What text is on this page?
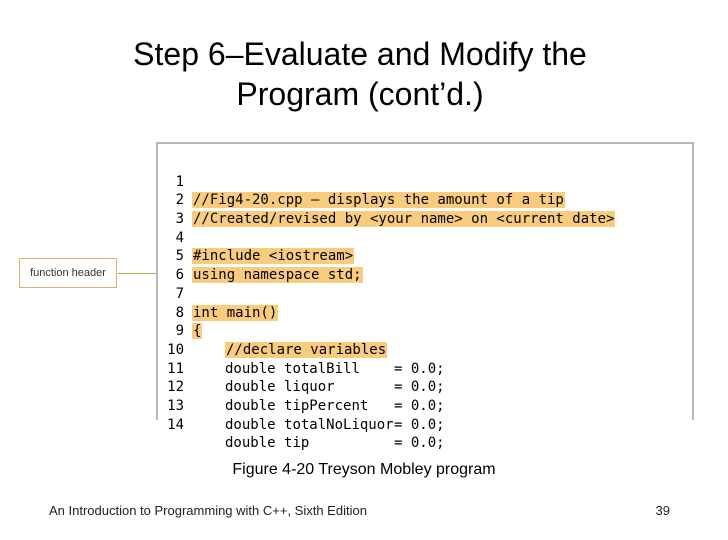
Step 6–Evaluate and Modify the
Program (cont’d.)
function header

1

//Fig4-20.cpp – displays the amount of a tip

2

//Created/revised by <your name> on <current date>

3

4

#include <iostream>

5

using namespace std;

6

7

int main()

8

{

9

//declare variables

10

double totalBill = 0.0;

11

double liquor	= 0.0;

12

double tipPercent = 0.0;

13

double totalNoLiquor= 0.0;

14

double tip	= 0.0;

Figure 4-20 Treyson Mobley program
An Introduction to Programming with C++, Sixth Edition	39
